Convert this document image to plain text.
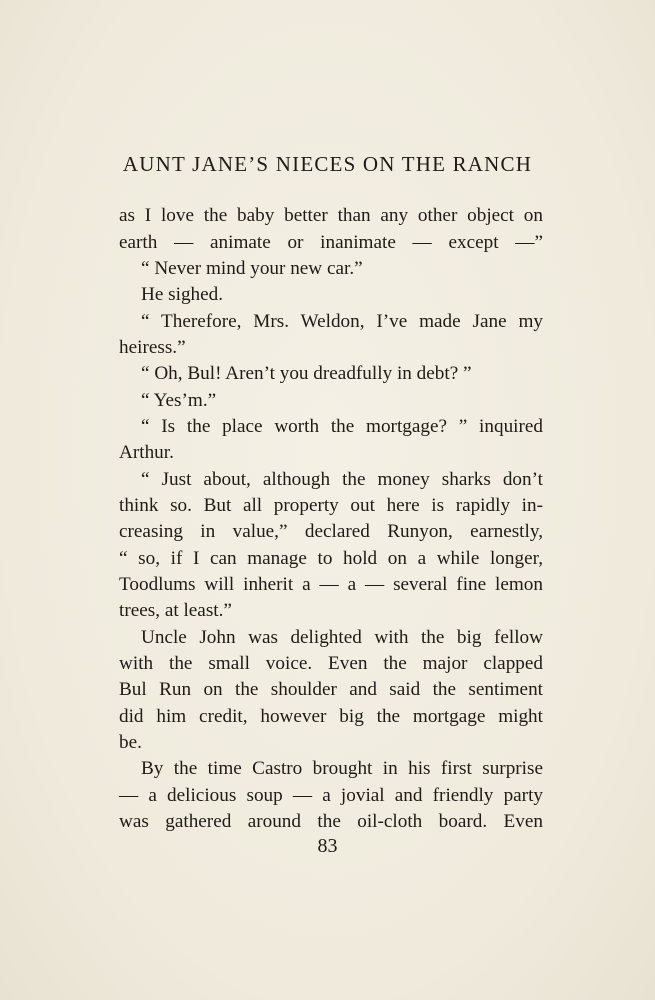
AUNT JANE’S NIECES ON THE RANCH
as I love the baby better than any other object on
earth — animate or inanimate — except —”
“ Never mind your new car.”
He sighed.
“ Therefore, Mrs. Weldon, I’ve made Jane my
heiress.”
“ Oh, Bul! Aren’t you dreadfully in debt? ”
“ Yes’m.”
“ Is the place worth the mortgage? ” inquired
Arthur.
“ Just about, although the money sharks don’t
think so. But all property out here is rapidly in-
creasing in value,” declared Runyon, earnestly,
“ so, if I can manage to hold on a while longer,
Toodlums will inherit a — a — several fine lemon
trees, at least.”
Uncle John was delighted with the big fellow
with the small voice. Even the major clapped
Bul Run on the shoulder and said the sentiment
did him credit, however big the mortgage might
be.
By the time Castro brought in his first surprise
— a delicious soup — a jovial and friendly party
was gathered around the oil-cloth board. Even
83
